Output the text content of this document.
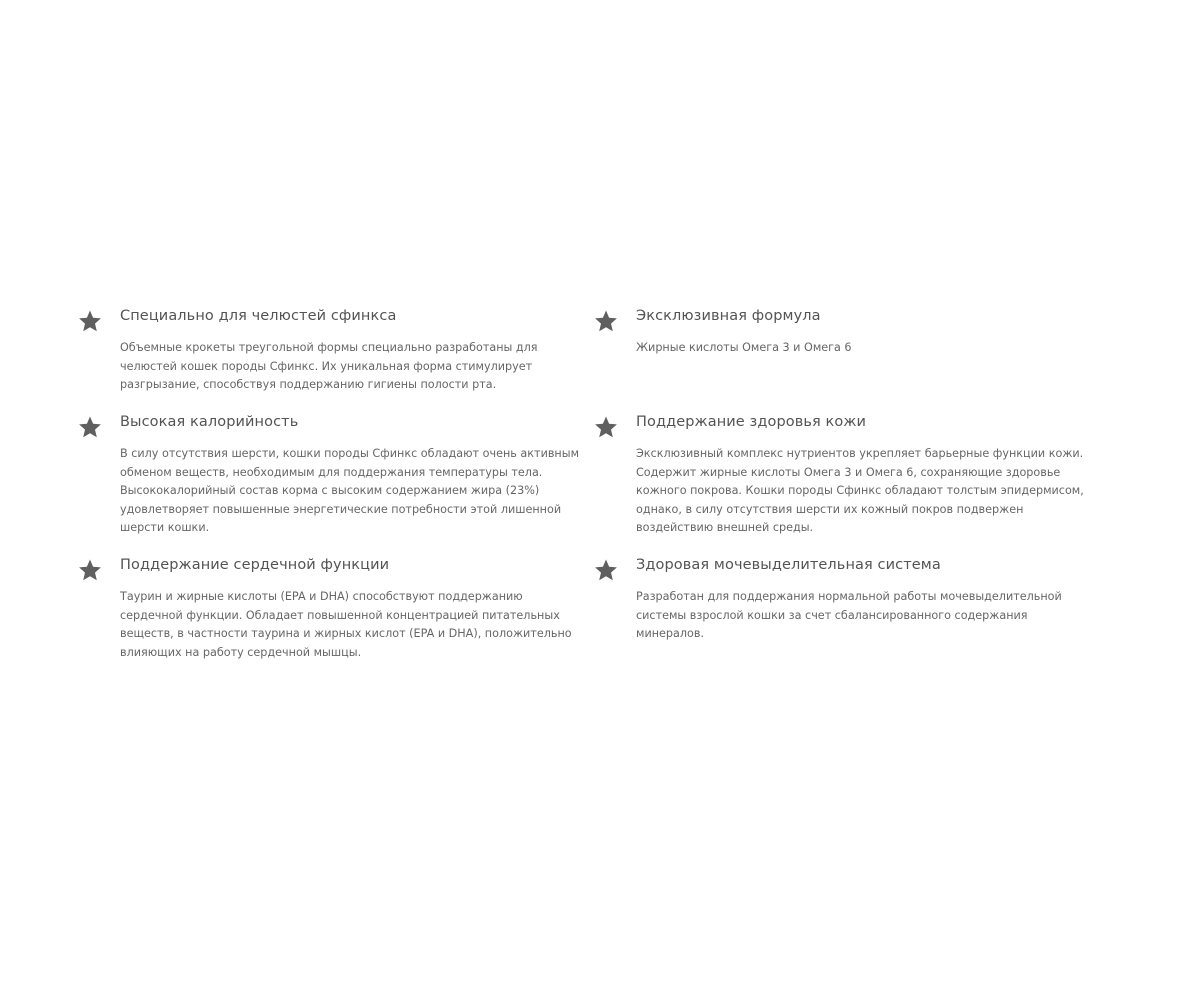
Специально для челюстей сфинкса

Объемные крокеты треугольной формы специально разработаны для челюстей кошек породы Сфинкс. Их уникальная форма стимулирует разгрызание, способствуя поддержанию гигиены полости рта.

Эксклюзивная формула

Жирные кислоты Омега 3 и Омега 6

Высокая калорийность

В силу отсутствия шерсти, кошки породы Сфинкс обладают очень активным обменом веществ, необходимым для поддержания температуры тела. Высококалорийный состав корма с высоким содержанием жира (23%) удовлетворяет повышенные энергетические потребности этой лишенной шерсти кошки.

Поддержание здоровья кожи

Эксклюзивный комплекс нутриентов укрепляет барьерные функции кожи. Содержит жирные кислоты Омега 3 и Омега 6, сохраняющие здоровье кожного покрова. Кошки породы Сфинкс обладают толстым эпидермисом, однако, в силу отсутствия шерсти их кожный покров подвержен воздействию внешней среды.

Поддержание сердечной функции

Таурин и жирные кислоты (EPA и DHA) способствуют поддержанию сердечной функции. Обладает повышенной концентрацией питательных веществ, в частности таурина и жирных кислот (EPA и DHA), положительно влияющих на работу сердечной мышцы.

Здоровая мочевыделительная система

Разработан для поддержания нормальной работы мочевыделительной системы взрослой кошки за счет сбалансированного содержания минералов.
